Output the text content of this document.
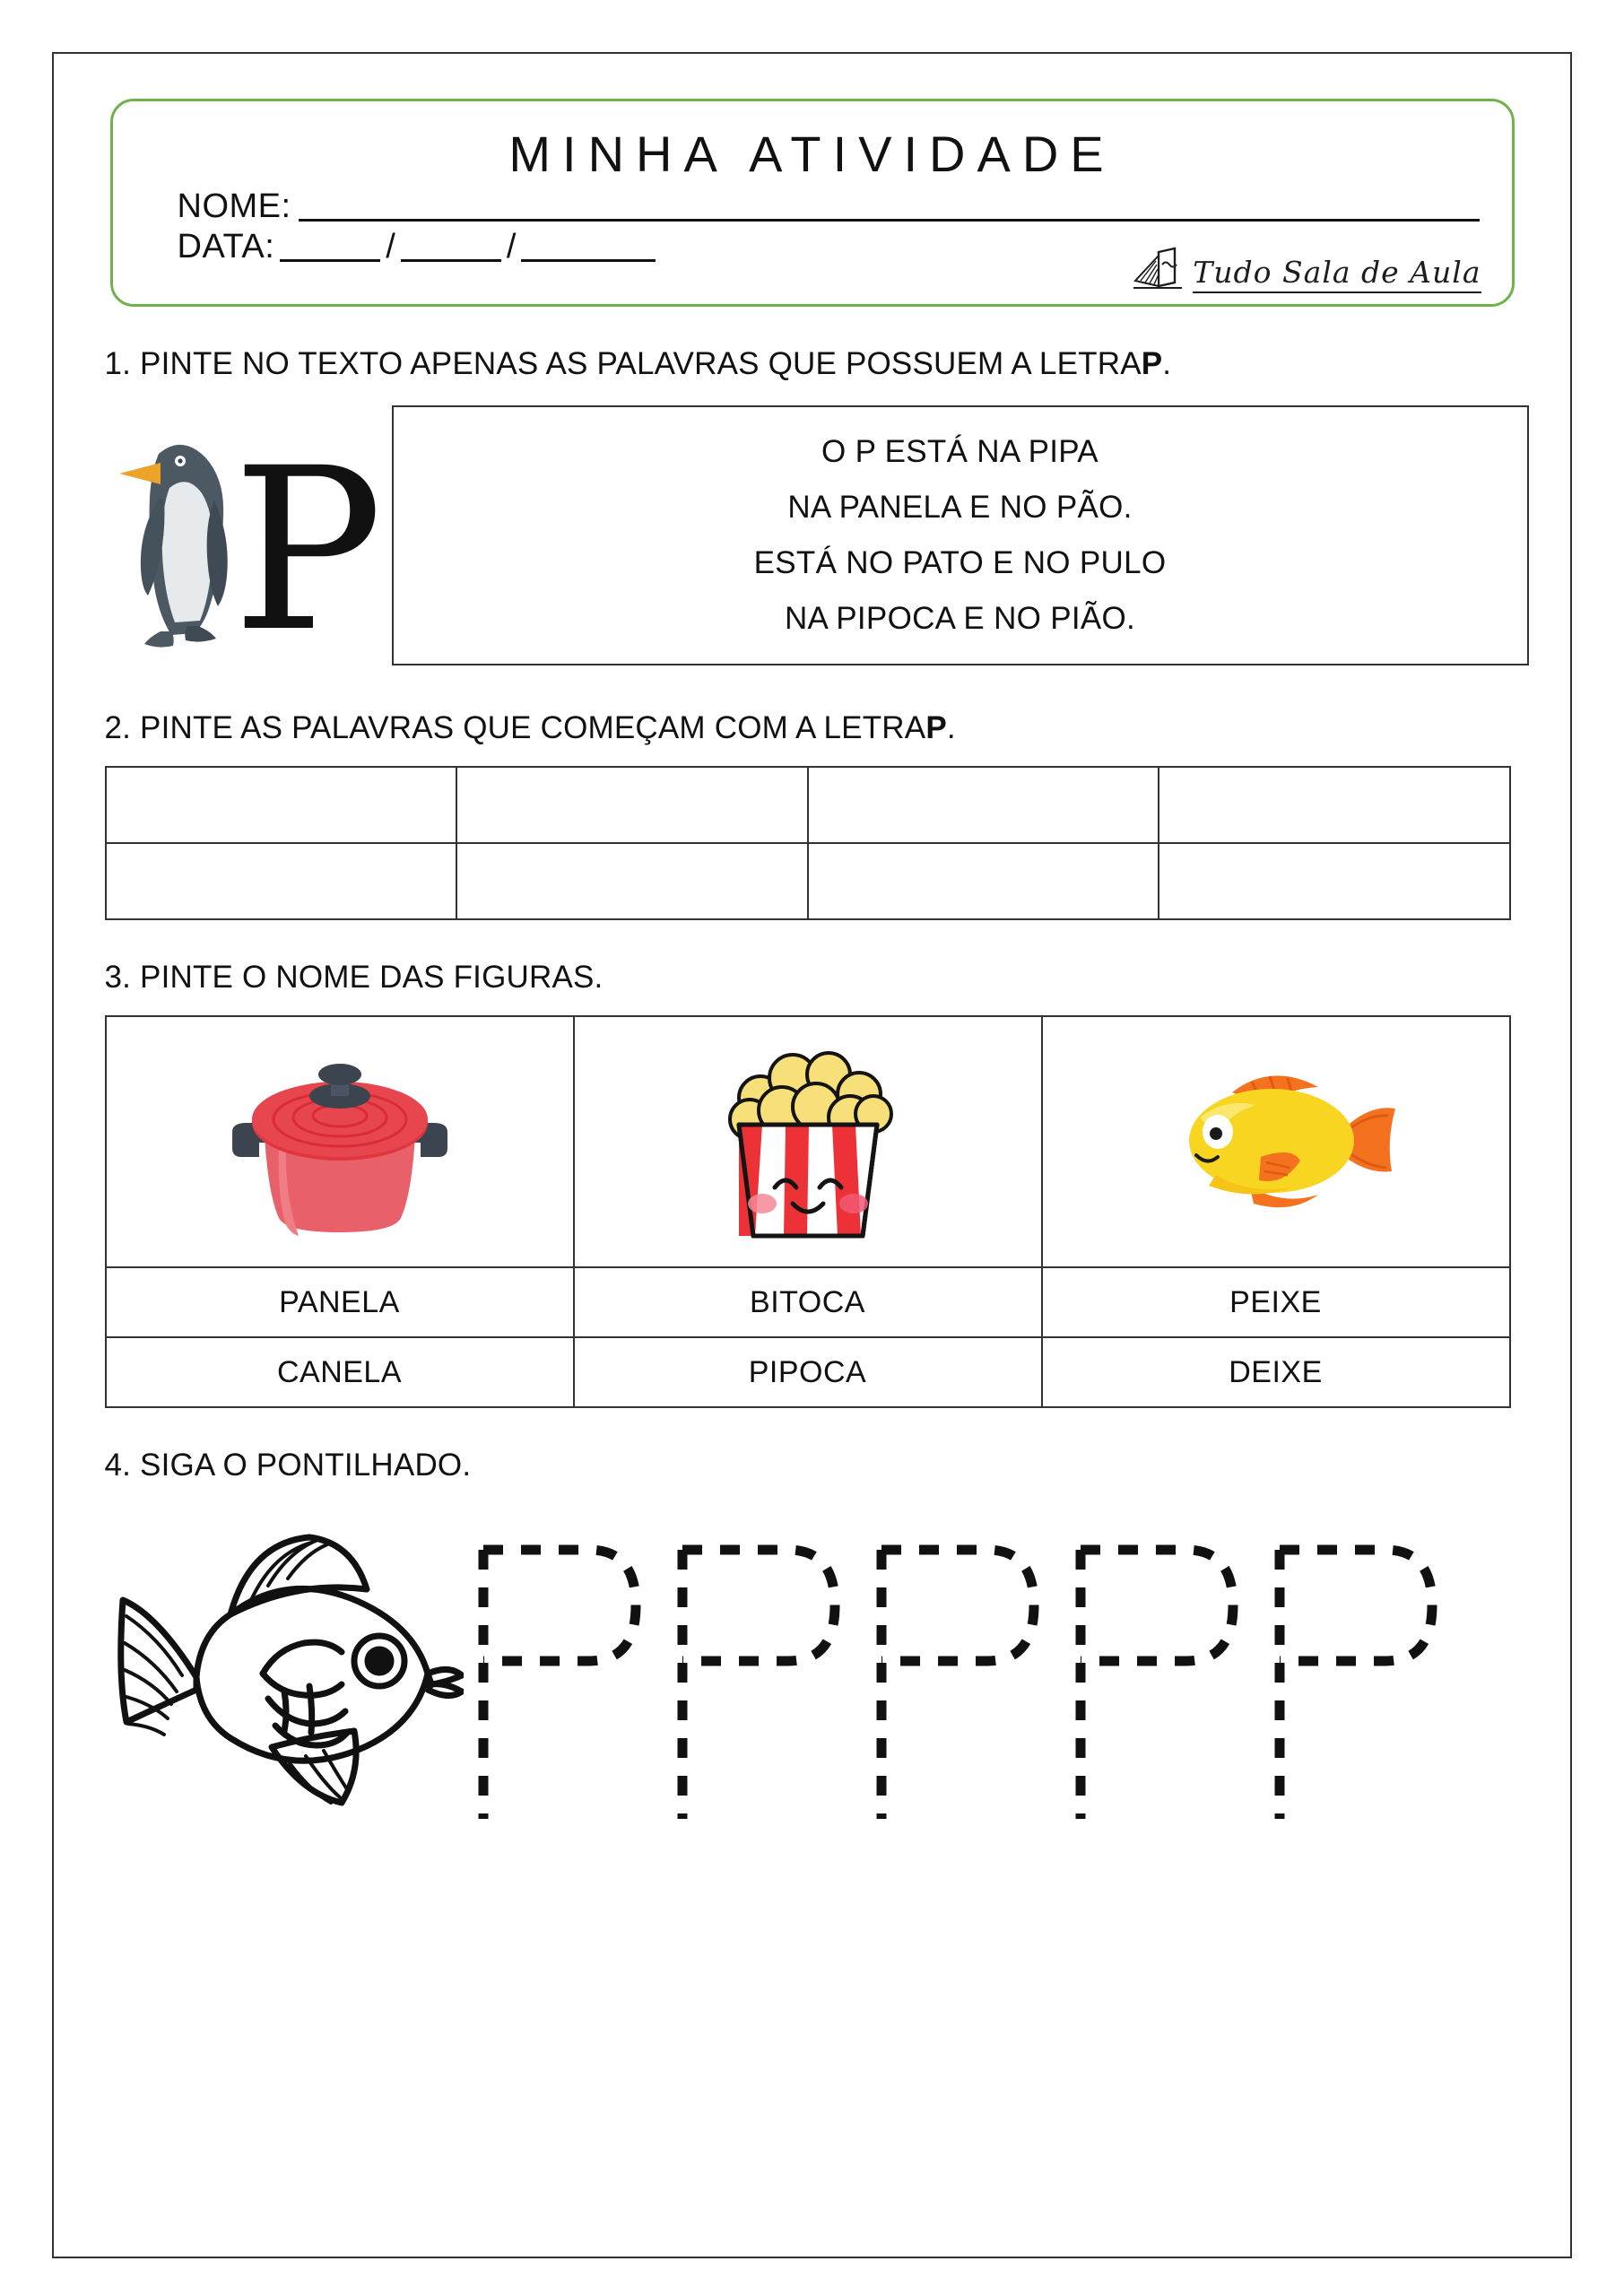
MINHA ATIVIDADE
NOME:
DATA:	/	/
Tudo Sala de Aula
1. PINTE NO TEXTO APENAS AS PALAVRAS QUE POSSUEM A LETRAP.
P	O P ESTÁ NA PIPA
NA PANELA E NO PÃO.
ESTÁ NO PATO E NO PULO
NA PIPOCA E NO PIÃO.
2. PINTE AS PALAVRAS QUE COMEÇAM COM A LETRAP.

3. PINTE O NOME DAS FIGURAS.

PANELA	BITOCA	PEIXE
CANELA	PIPOCA	DEIXE
4. SIGA O PONTILHADO.
